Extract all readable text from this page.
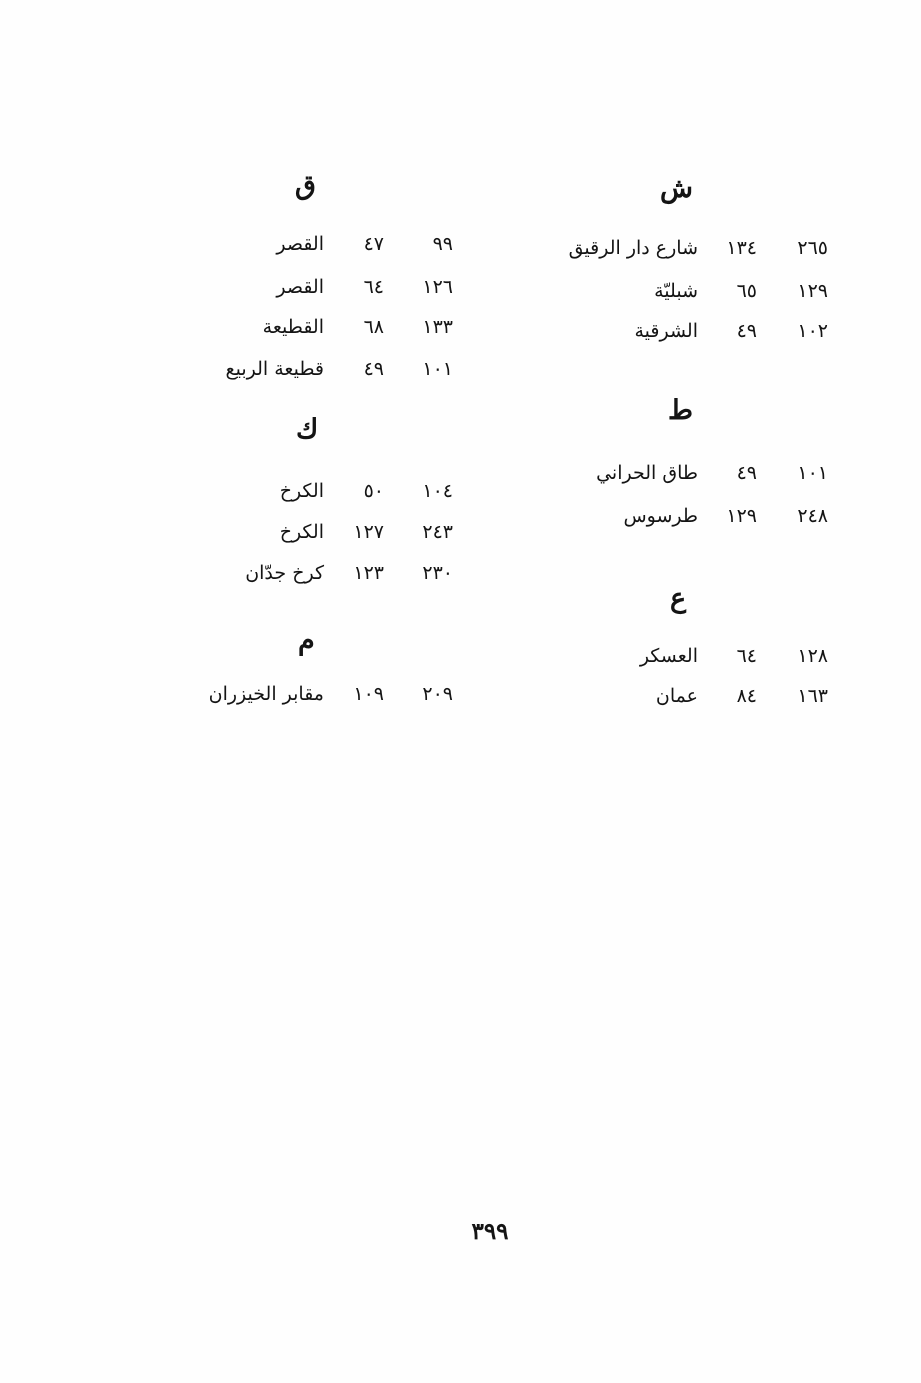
ش
٢٦٥
١٣٤
شارع دار الرقيق
١٢٩
٦٥
شبليّة
١٠٢
٤٩
الشرقية
ط
١٠١
٤٩
طاق الحراني
٢٤٨
١٢٩
طرسوس
ع
١٢٨
٦٤
العسكر
١٦٣
٨٤
عمان
ق
٩٩
٤٧
القصر
١٢٦
٦٤
القصر
١٣٣
٦٨
القطيعة
١٠١
٤٩
قطيعة الربيع
ك
١٠٤
٥٠
الكرخ
٢٤٣
١٢٧
الكرخ
٢٣٠
١٢٣
كرخ جدّان
م
٢٠٩
١٠٩
مقابر الخيزران
٣٩٩
